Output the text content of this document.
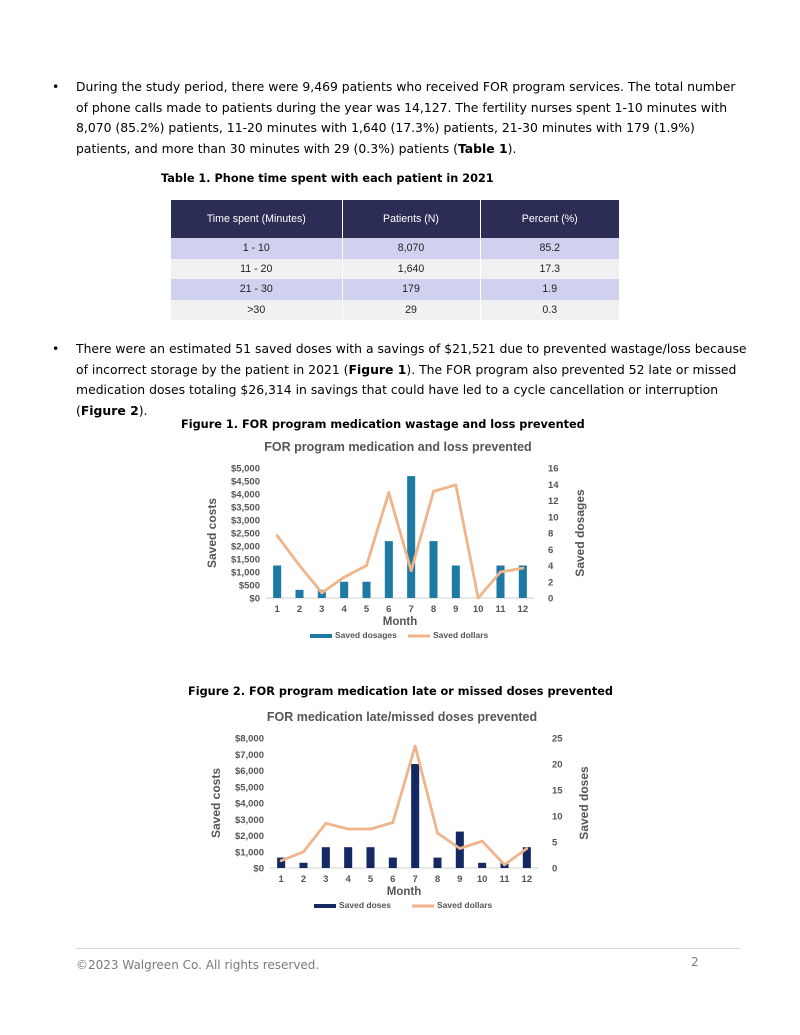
• During the study period, there were 9,469 patients who received FOR program services. The total number of phone calls made to patients during the year was 14,127. The fertility nurses spent 1-10 minutes with 8,070 (85.2%) patients, 11-20 minutes with 1,640 (17.3%) patients, 21-30 minutes with 179 (1.9%) patients, and more than 30 minutes with 29 (0.3%) patients (Table 1).
Table 1. Phone time spent with each patient in 2021
Time spent (Minutes)	Patients (N)	Percent (%)
1 - 10	8,070	85.2
11 - 20	1,640	17.3
21 - 30	179	1.9
>30	29	0.3
• There were an estimated 51 saved doses with a savings of $21,521 due to prevented wastage/loss because of incorrect storage by the patient in 2021 (Figure 1). The FOR program also prevented 52 late or missed medication doses totaling $26,314 in savings that could have led to a cycle cancellation or interruption (Figure 2).
Figure 1. FOR program medication wastage and loss prevented
FOR program medication and loss prevented
$0
$500
$1,000
$1,500
$2,000
$2,500
$3,000
$3,500
$4,000
$4,500
$5,000
0
2
4
6
8
10
12
14
16
1 2 3 4 5 6 7 8 9 10 11 12
Saved costs	Saved dosages
Month
Saved dosages	Saved dollars
Figure 2. FOR program medication late or missed doses prevented
FOR medication late/missed doses prevented
$0
$1,000
$2,000
$3,000
$4,000
$5,000
$6,000
$7,000
$8,000
0
5
10
15
20
25
1 2 3 4 5 6 7 8 9 10 11 12
Saved costs	Saved doses
Month
Saved doses	Saved dollars
©2023 Walgreen Co. All rights reserved.	2
